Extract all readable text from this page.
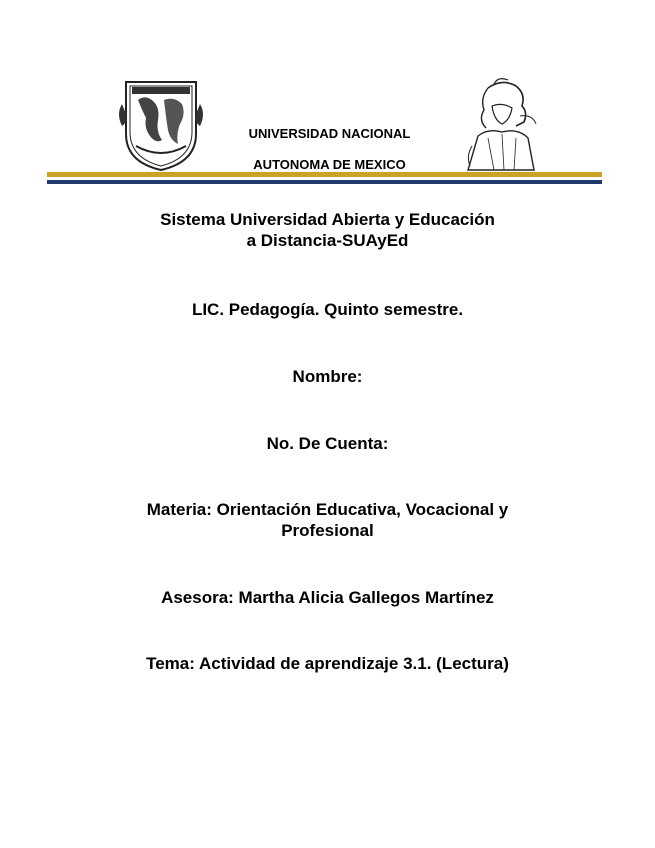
UNIVERSIDAD NACIONAL
AUTONOMA DE MEXICO
Sistema Universidad Abierta y Educación
a Distancia-SUAyEd
LIC. Pedagogía. Quinto semestre.
Nombre:
No. De Cuenta:
Materia: Orientación Educativa, Vocacional y
Profesional
Asesora: Martha Alicia Gallegos Martínez
Tema: Actividad de aprendizaje 3.1. (Lectura)
